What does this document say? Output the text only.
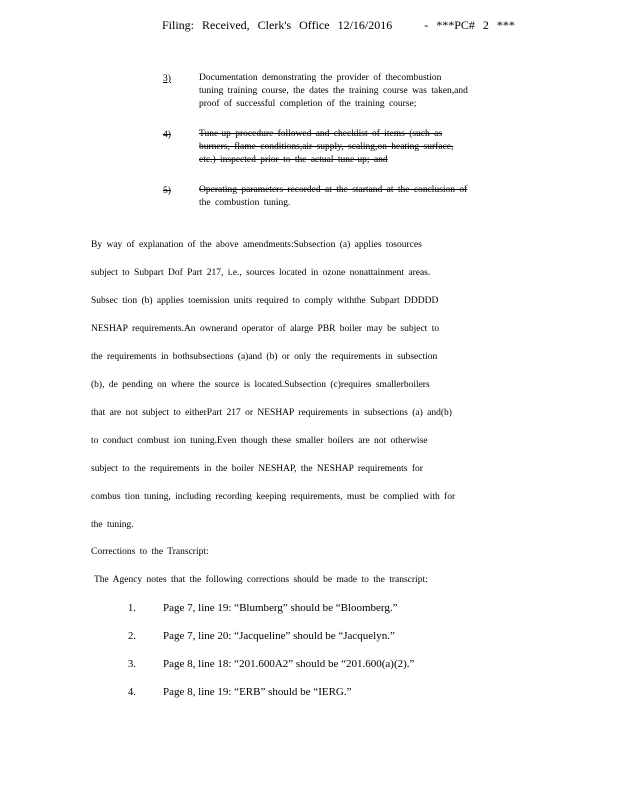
Filing: Received, Clerk's Office 12/16/2016	- ***PC# 2 ***
3)	Documentation demonstrating the provider of thecombustion
tuning training course, the dates the training course was taken,and
proof of successful completion of the training course;
4)	Tune-up procedure followed and checklist of items (such as
burners, flame conditions,air supply, scaling,on heating surface,
etc.) inspected prior to the actual tune-up; and
5)	Operating parameters recorded at the startand at the conclusion of
the combustion tuning.
By way of explanation of the above amendments:Subsection (a) applies tosources
subject to Subpart Dof Part 217, i.e., sources located in ozone nonattainment areas.
Subsec tion (b) applies toemission units required to comply withthe Subpart DDDDD
NESHAP requirements.An ownerand operator of alarge PBR boiler may be subject to
the requirements in bothsubsections (a)and (b) or only the requirements in subsection
(b), de pending on where the source is located.Subsection (c)requires smallerboilers
that are not subject to eitherPart 217 or NESHAP requirements in subsections (a) and(b)
to conduct combust ion tuning.Even though these smaller boilers are not otherwise
subject to the requirements in the boiler NESHAP, the NESHAP requirements for
combus tion tuning, including recording keeping requirements, must be complied with for
the tuning.
Corrections to the Transcript:
The Agency notes that the following corrections should be made to the transcript:
1. Page 7, line 19: “Blumberg” should be “Bloomberg.”
2. Page 7, line 20: “Jacqueline” should be “Jacquelyn.”
3. Page 8, line 18: “201.600A2” should be “201.600(a)(2).”
4. Page 8, line 19: “ERB” should be “IERG.”
